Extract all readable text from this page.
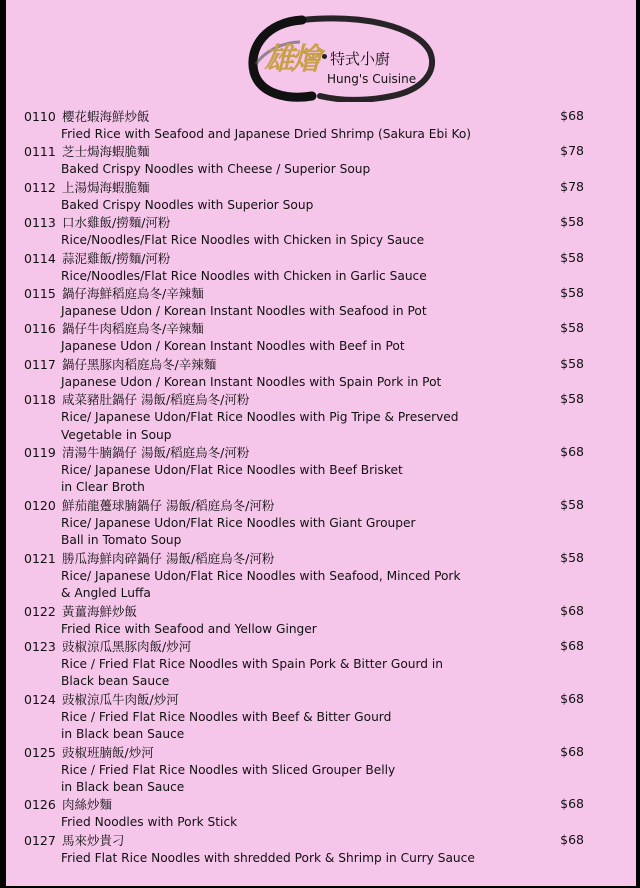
雄燴 特式小廚
Hung's Cuisine
0110 櫻花蝦海鮮炒飯	$68
Fried Rice with Seafood and Japanese Dried Shrimp (Sakura Ebi Ko)
0111 芝士焗海蝦脆麵	$78
Baked Crispy Noodles with Cheese / Superior Soup
0112 上湯焗海蝦脆麵	$78
Baked Crispy Noodles with Superior Soup
0113 口水雞飯/撈麵/河粉	$58
Rice/Noodles/Flat Rice Noodles with Chicken in Spicy Sauce
0114 蒜泥雞飯/撈麵/河粉	$58
Rice/Noodles/Flat Rice Noodles with Chicken in Garlic Sauce
0115 鍋仔海鮮稻庭烏冬/辛辣麵	$58
Japanese Udon / Korean Instant Noodles with Seafood in Pot
0116 鍋仔牛肉稻庭烏冬/辛辣麵	$58
Japanese Udon / Korean Instant Noodles with Beef in Pot
0117 鍋仔黑豚肉稻庭烏冬/辛辣麵	$58
Japanese Udon / Korean Instant Noodles with Spain Pork in Pot
0118 咸菜豬肚鍋仔 湯飯/稻庭烏冬/河粉	$58
Rice/ Japanese Udon/Flat Rice Noodles with Pig Tripe & Preserved
Vegetable in Soup
0119 清湯牛腩鍋仔 湯飯/稻庭烏冬/河粉	$68
Rice/ Japanese Udon/Flat Rice Noodles with Beef Brisket
in Clear Broth
0120 鮮茄龍躉球腩鍋仔 湯飯/稻庭烏冬/河粉	$58
Rice/ Japanese Udon/Flat Rice Noodles with Giant Grouper
Ball in Tomato Soup
0121 勝瓜海鮮肉碎鍋仔 湯飯/稻庭烏冬/河粉	$58
Rice/ Japanese Udon/Flat Rice Noodles with Seafood, Minced Pork
& Angled Luffa
0122 黃薑海鮮炒飯	$68
Fried Rice with Seafood and Yellow Ginger
0123 豉椒涼瓜黑豚肉飯/炒河	$68
Rice / Fried Flat Rice Noodles with Spain Pork & Bitter Gourd in
Black bean Sauce
0124 豉椒涼瓜牛肉飯/炒河	$68
Rice / Fried Flat Rice Noodles with Beef & Bitter Gourd
in Black bean Sauce
0125 豉椒班腩飯/炒河	$68
Rice / Fried Flat Rice Noodles with Sliced Grouper Belly
in Black bean Sauce
0126 肉絲炒麵	$68
Fried Noodles with Pork Stick
0127 馬來炒貴刁	$68
Fried Flat Rice Noodles with shredded Pork & Shrimp in Curry Sauce
